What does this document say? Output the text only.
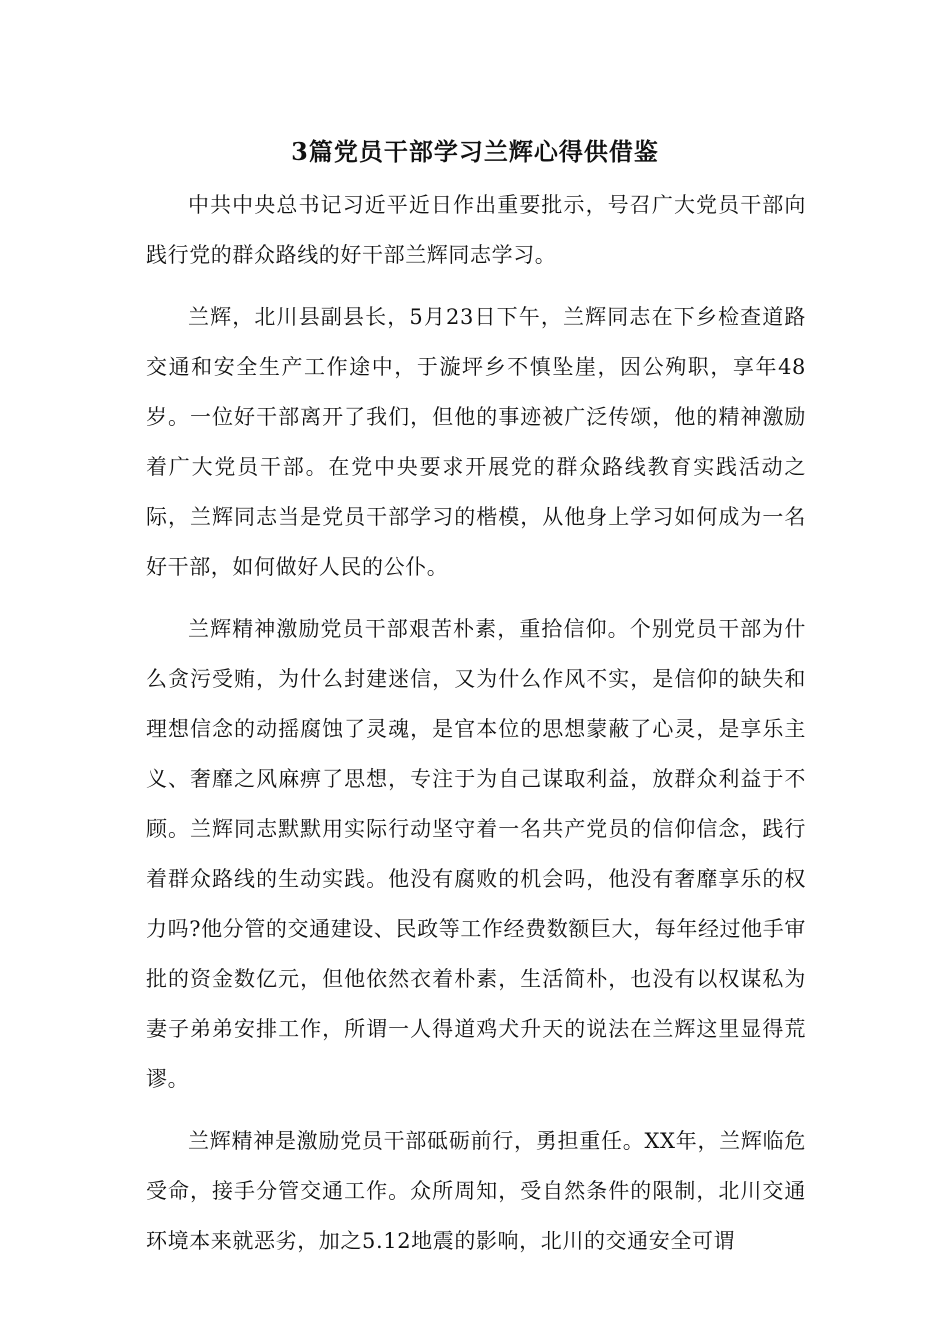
3篇党员干部学习兰辉心得供借鉴

中共中央总书记习近平近日作出重要批示，号召广大党员干部向践行党的群众路线的好干部兰辉同志学习。

兰辉，北川县副县长，5月23日下午，兰辉同志在下乡检查道路交通和安全生产工作途中，于漩坪乡不慎坠崖，因公殉职，享年48岁。一位好干部离开了我们，但他的事迹被广泛传颂，他的精神激励着广大党员干部。在党中央要求开展党的群众路线教育实践活动之际，兰辉同志当是党员干部学习的楷模，从他身上学习如何成为一名好干部，如何做好人民的公仆。

兰辉精神激励党员干部艰苦朴素，重拾信仰。个别党员干部为什么贪污受贿，为什么封建迷信，又为什么作风不实，是信仰的缺失和理想信念的动摇腐蚀了灵魂，是官本位的思想蒙蔽了心灵，是享乐主义、奢靡之风麻痹了思想，专注于为自己谋取利益，放群众利益于不顾。兰辉同志默默用实际行动坚守着一名共产党员的信仰信念，践行着群众路线的生动实践。他没有腐败的机会吗，他没有奢靡享乐的权力吗?他分管的交通建设、民政等工作经费数额巨大，每年经过他手审批的资金数亿元，但他依然衣着朴素，生活简朴，也没有以权谋私为妻子弟弟安排工作，所谓一人得道鸡犬升天的说法在兰辉这里显得荒谬。

兰辉精神是激励党员干部砥砺前行，勇担重任。XX年，兰辉临危受命，接手分管交通工作。众所周知，受自然条件的限制，北川交通环境本来就恶劣，加之5.12地震的影响，北川的交通安全可谓
